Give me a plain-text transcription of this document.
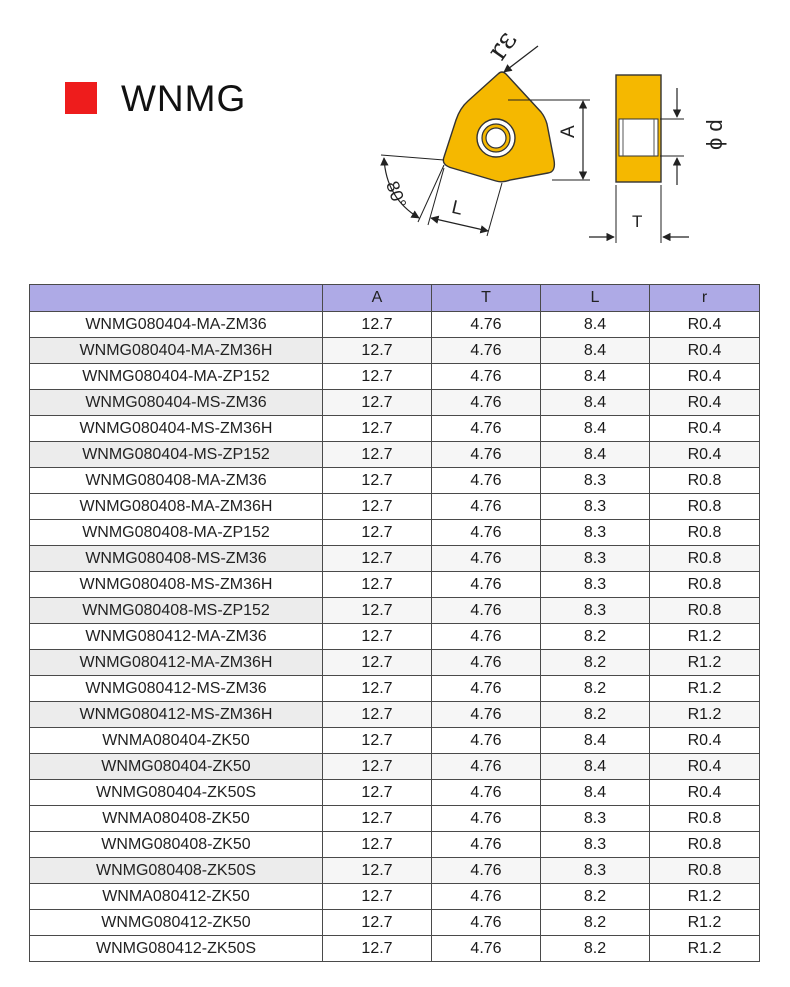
WNMG
rε
A
80° L
ϕ d
T
	A	T	L	r
WNMG080404-MA-ZM36	12.7	4.76	8.4	R0.4
WNMG080404-MA-ZM36H	12.7	4.76	8.4	R0.4
WNMG080404-MA-ZP152	12.7	4.76	8.4	R0.4
WNMG080404-MS-ZM36	12.7	4.76	8.4	R0.4
WNMG080404-MS-ZM36H	12.7	4.76	8.4	R0.4
WNMG080404-MS-ZP152	12.7	4.76	8.4	R0.4
WNMG080408-MA-ZM36	12.7	4.76	8.3	R0.8
WNMG080408-MA-ZM36H	12.7	4.76	8.3	R0.8
WNMG080408-MA-ZP152	12.7	4.76	8.3	R0.8
WNMG080408-MS-ZM36	12.7	4.76	8.3	R0.8
WNMG080408-MS-ZM36H	12.7	4.76	8.3	R0.8
WNMG080408-MS-ZP152	12.7	4.76	8.3	R0.8
WNMG080412-MA-ZM36	12.7	4.76	8.2	R1.2
WNMG080412-MA-ZM36H	12.7	4.76	8.2	R1.2
WNMG080412-MS-ZM36	12.7	4.76	8.2	R1.2
WNMG080412-MS-ZM36H	12.7	4.76	8.2	R1.2
WNMA080404-ZK50	12.7	4.76	8.4	R0.4
WNMG080404-ZK50	12.7	4.76	8.4	R0.4
WNMG080404-ZK50S	12.7	4.76	8.4	R0.4
WNMA080408-ZK50	12.7	4.76	8.3	R0.8
WNMG080408-ZK50	12.7	4.76	8.3	R0.8
WNMG080408-ZK50S	12.7	4.76	8.3	R0.8
WNMA080412-ZK50	12.7	4.76	8.2	R1.2
WNMG080412-ZK50	12.7	4.76	8.2	R1.2
WNMG080412-ZK50S	12.7	4.76	8.2	R1.2
